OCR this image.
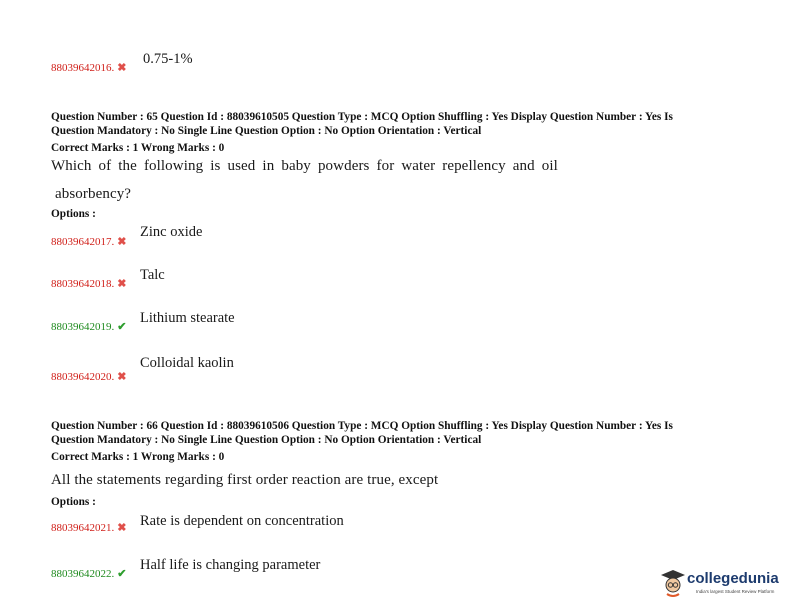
88039642016. ✖
0.75-1%
Question Number : 65 Question Id : 88039610505 Question Type : MCQ Option Shuffling : Yes Display Question Number : Yes Is
Question Mandatory : No Single Line Question Option : No Option Orientation : Vertical
Correct Marks : 1 Wrong Marks : 0
Which of the following is used in baby powders for water repellency and oil
absorbency?
Options :
88039642017. ✖
Zinc oxide
88039642018. ✖
Talc
88039642019. ✔
Lithium stearate
88039642020. ✖
Colloidal kaolin
Question Number : 66 Question Id : 88039610506 Question Type : MCQ Option Shuffling : Yes Display Question Number : Yes Is
Question Mandatory : No Single Line Question Option : No Option Orientation : Vertical
Correct Marks : 1 Wrong Marks : 0
All the statements regarding first order reaction are true, except
Options :
88039642021. ✖ Rate is dependent on concentration
88039642022. ✔
Half life is changing parameter
collegedunia
India's largest Student Review Platform
